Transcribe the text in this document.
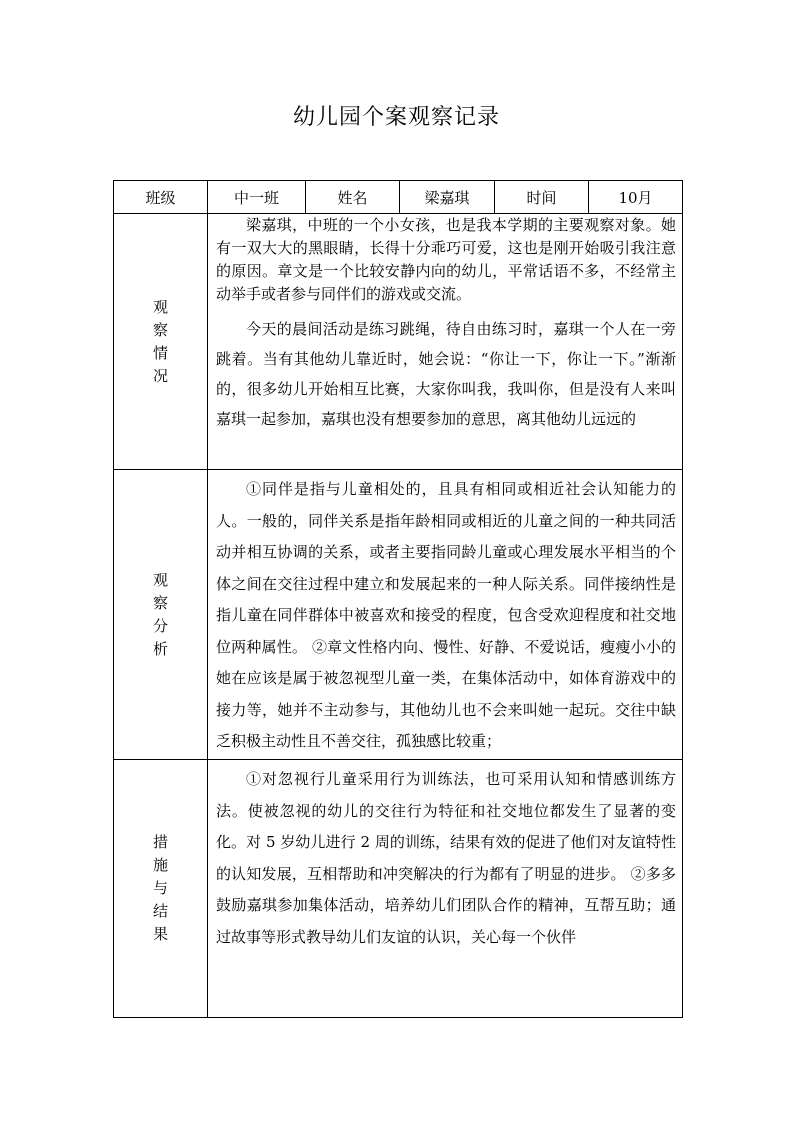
幼儿园个案观察记录
班级	中一班	姓名	梁嘉琪	时间	10月
观察情况	梁嘉琪，中班的一个小女孩，也是我本学期的主要观察对象。她有一双大大的黑眼睛，长得十分乖巧可爱，这也是刚开始吸引我注意的原因。章文是一个比较安静内向的幼儿，平常话语不多，不经常主动举手或者参与同伴们的游戏或交流。

今天的晨间活动是练习跳绳，待自由练习时，嘉琪一个人在一旁跳着。当有其他幼儿靠近时，她会说：“你让一下，你让一下。”渐渐的，很多幼儿开始相互比赛，大家你叫我，我叫你，但是没有人来叫嘉琪一起参加，嘉琪也没有想要参加的意思，离其他幼儿远远的				

观察分析	①同伴是指与儿童相处的，且具有相同或相近社会认知能力的人。一般的，同伴关系是指年龄相同或相近的儿童之间的一种共同活动并相互协调的关系，或者主要指同龄儿童或心理发展水平相当的个体之间在交往过程中建立和发展起来的一种人际关系。同伴接纳性是指儿童在同伴群体中被喜欢和接受的程度，包含受欢迎程度和社交地位两种属性。 ②章文性格内向、慢性、好静、不爱说话，瘦瘦小小的她在应该是属于被忽视型儿童一类，在集体活动中，如体育游戏中的接力等，她并不主动参与，其他幼儿也不会来叫她一起玩。交往中缺乏积极主动性且不善交往，孤独感比较重；				

措施与结果	①对忽视行儿童采用行为训练法，也可采用认知和情感训练方法。使被忽视的幼儿的交往行为特征和社交地位都发生了显著的变化。对 5 岁幼儿进行 2 周的训练，结果有效的促进了他们对友谊特性的认知发展，互相帮助和冲突解决的行为都有了明显的进步。 ②多多鼓励嘉琪参加集体活动，培养幼儿们团队合作的精神，互帮互助；通过故事等形式教导幼儿们友谊的认识，关心每一个伙伴				
